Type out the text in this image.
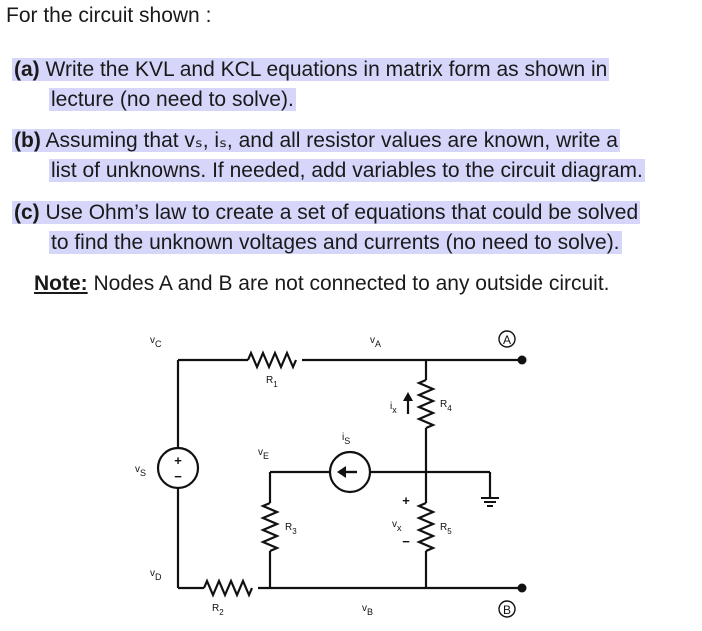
For the circuit shown :
(a) Write the KVL and KCL equations in matrix form as shown in
lecture (no need to solve).
(b) Assuming that vₛ, iₛ, and all resistor values are known, write a
list of unknowns. If needed, add variables to the circuit diagram.
(c) Use Ohm’s law to create a set of equations that could be solved
to find the unknown voltages and currents (no need to solve).
Note: Nodes A and B are not connected to any outside circuit.
A
B
+
−
+
−
vC	vA
$R_1$
$R_4$
ix
iS
vE
vS
$R_3$
vx	$R_5$
vD
$R_2$	vB
